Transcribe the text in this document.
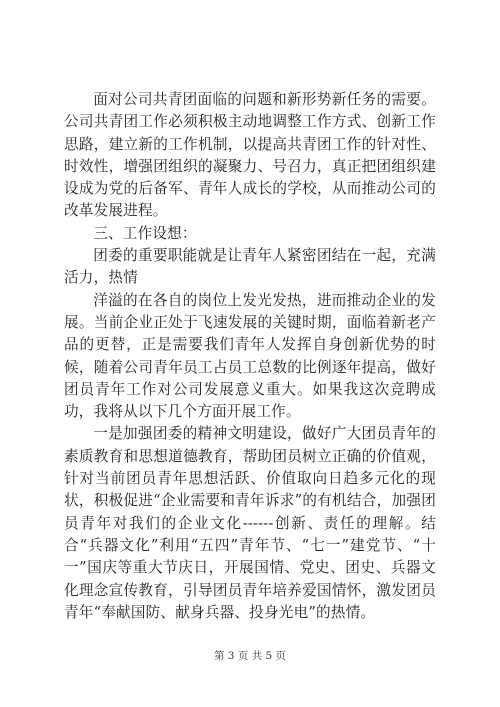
面对公司共青团面临的问题和新形势新任务的需要。公司共青团工作必须积极主动地调整工作方式、创新工作思路，建立新的工作机制，以提高共青团工作的针对性、时效性，增强团组织的凝聚力、号召力，真正把团组织建设成为党的后备军、青年人成长的学校，从而推动公司的改革发展进程。

三、工作设想：

团委的重要职能就是让青年人紧密团结在一起，充满活力，热情

洋溢的在各自的岗位上发光发热，进而推动企业的发展。当前企业正处于飞速发展的关键时期，面临着新老产品的更替，正是需要我们青年人发挥自身创新优势的时候，随着公司青年员工占员工总数的比例逐年提高，做好团员青年工作对公司发展意义重大。如果我这次竞聘成功，我将从以下几个方面开展工作。

一是加强团委的精神文明建设，做好广大团员青年的素质教育和思想道德教育，帮助团员树立正确的价值观，针对当前团员青年思想活跃、价值取向日趋多元化的现状，积极促进“企业需要和青年诉求”的有机结合，加强团员青年对我们的企业文化------创新、责任的理解。结合“兵器文化”利用“五四”青年节、“七一”建党节、“十一”国庆等重大节庆日，开展国情、党史、团史、兵器文化理念宣传教育，引导团员青年培养爱国情怀，激发团员青年“奉献国防、献身兵器、投身光电”的热情。

第 3 页 共 5 页
